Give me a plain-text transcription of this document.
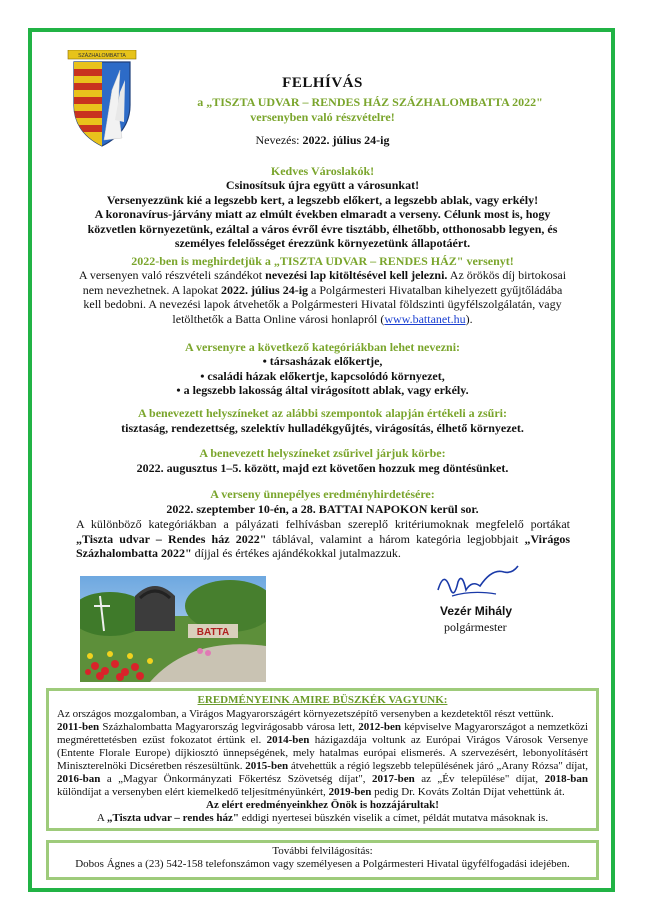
SZÁZHALOMBATTA
FELHÍVÁS
a „TISZTA UDVAR – RENDES HÁZ SZÁZHALOMBATTA 2022"
versenyben való részvételre!
Nevezés: 2022. július 24-ig
Kedves Városlakók!
Csinosítsuk újra együtt a városunkat!
Versenyezzünk kié a legszebb kert, a legszebb előkert, a legszebb ablak, vagy erkély!
A koronavírus-járvány miatt az elmúlt években elmaradt a verseny. Célunk most is, hogy
közvetlen környezetünk, ezáltal a város évről évre tisztább, élhetőbb, otthonosabb legyen, és
személyes felelősséget érezzünk környezetünk állapotáért.
2022-ben is meghirdetjük a „TISZTA UDVAR – RENDES HÁZ" versenyt!
A versenyen való részvételi szándékot nevezési lap kitöltésével kell jelezni. Az örökös díj birtokosai nem nevezhetnek. A lapokat 2022. július 24-ig a Polgármesteri Hivatalban kihelyezett gyűjtőládába kell bedobni. A nevezési lapok átvehetők a Polgármesteri Hivatal földszinti ügyfélszolgálatán, vagy letölthetők a Batta Online városi honlapról (www.battanet.hu).
A versenyre a következő kategóriákban lehet nevezni:
• társasházak előkertje,
• családi házak előkertje, kapcsolódó környezet,
• a legszebb lakosság által virágosított ablak, vagy erkély.
A benevezett helyszíneket az alábbi szempontok alapján értékeli a zsűri:
tisztaság, rendezettség, szelektív hulladékgyűjtés, virágosítás, élhető környezet.
A benevezett helyszíneket zsűrivel járjuk körbe:
2022. augusztus 1–5. között, majd ezt követően hozzuk meg döntésünket.
A verseny ünnepélyes eredményhirdetésére:
2022. szeptember 10-én, a 28. BATTAI NAPOKON kerül sor.
A különböző kategóriákban a pályázati felhívásban szereplő kritériumoknak megfelelő portákat „Tiszta udvar – Rendes ház 2022" táblával, valamint a három kategória legjobbjait „Virágos Százhalombatta 2022" díjjal és értékes ajándékokkal jutalmazzuk.
BATTA
Vezér Mihály
polgármester
EREDMÉNYEINK AMIRE BÜSZKÉK VAGYUNK:
Az országos mozgalomban, a Virágos Magyarországért környezetszépítő versenyben a kezdetektől részt vettünk.
2011-ben Százhalombatta Magyarország legvirágosabb városa lett, 2012-ben képviselve Magyarországot a nemzetközi megmérettetésben ezüst fokozatot értünk el. 2014-ben házigazdája voltunk az Európai Virágos Városok Versenye (Entente Florale Europe) díjkiosztó ünnepségének, mely hatalmas európai elismerés. A szervezésért, lebonyolításért Miniszterelnöki Dicséretben részesültünk. 2015-ben átvehettük a régió legszebb településének járó „Arany Rózsa" díjat, 2016-ban a „Magyar Önkormányzati Főkertész Szövetség díjat", 2017-ben az „Év települése" díjat, 2018-ban különdíjat a versenyben elért kiemelkedő teljesítményünkért, 2019-ben pedig Dr. Kováts Zoltán Díjat vehettünk át.
Az elért eredményeinkhez Önök is hozzájárultak!
A „Tiszta udvar – rendes ház" eddigi nyertesei büszkén viselik a címet, példát mutatva másoknak is.
További felvilágosítás:
Dobos Ágnes a (23) 542-158 telefonszámon vagy személyesen a Polgármesteri Hivatal ügyfélfogadási idejében.
